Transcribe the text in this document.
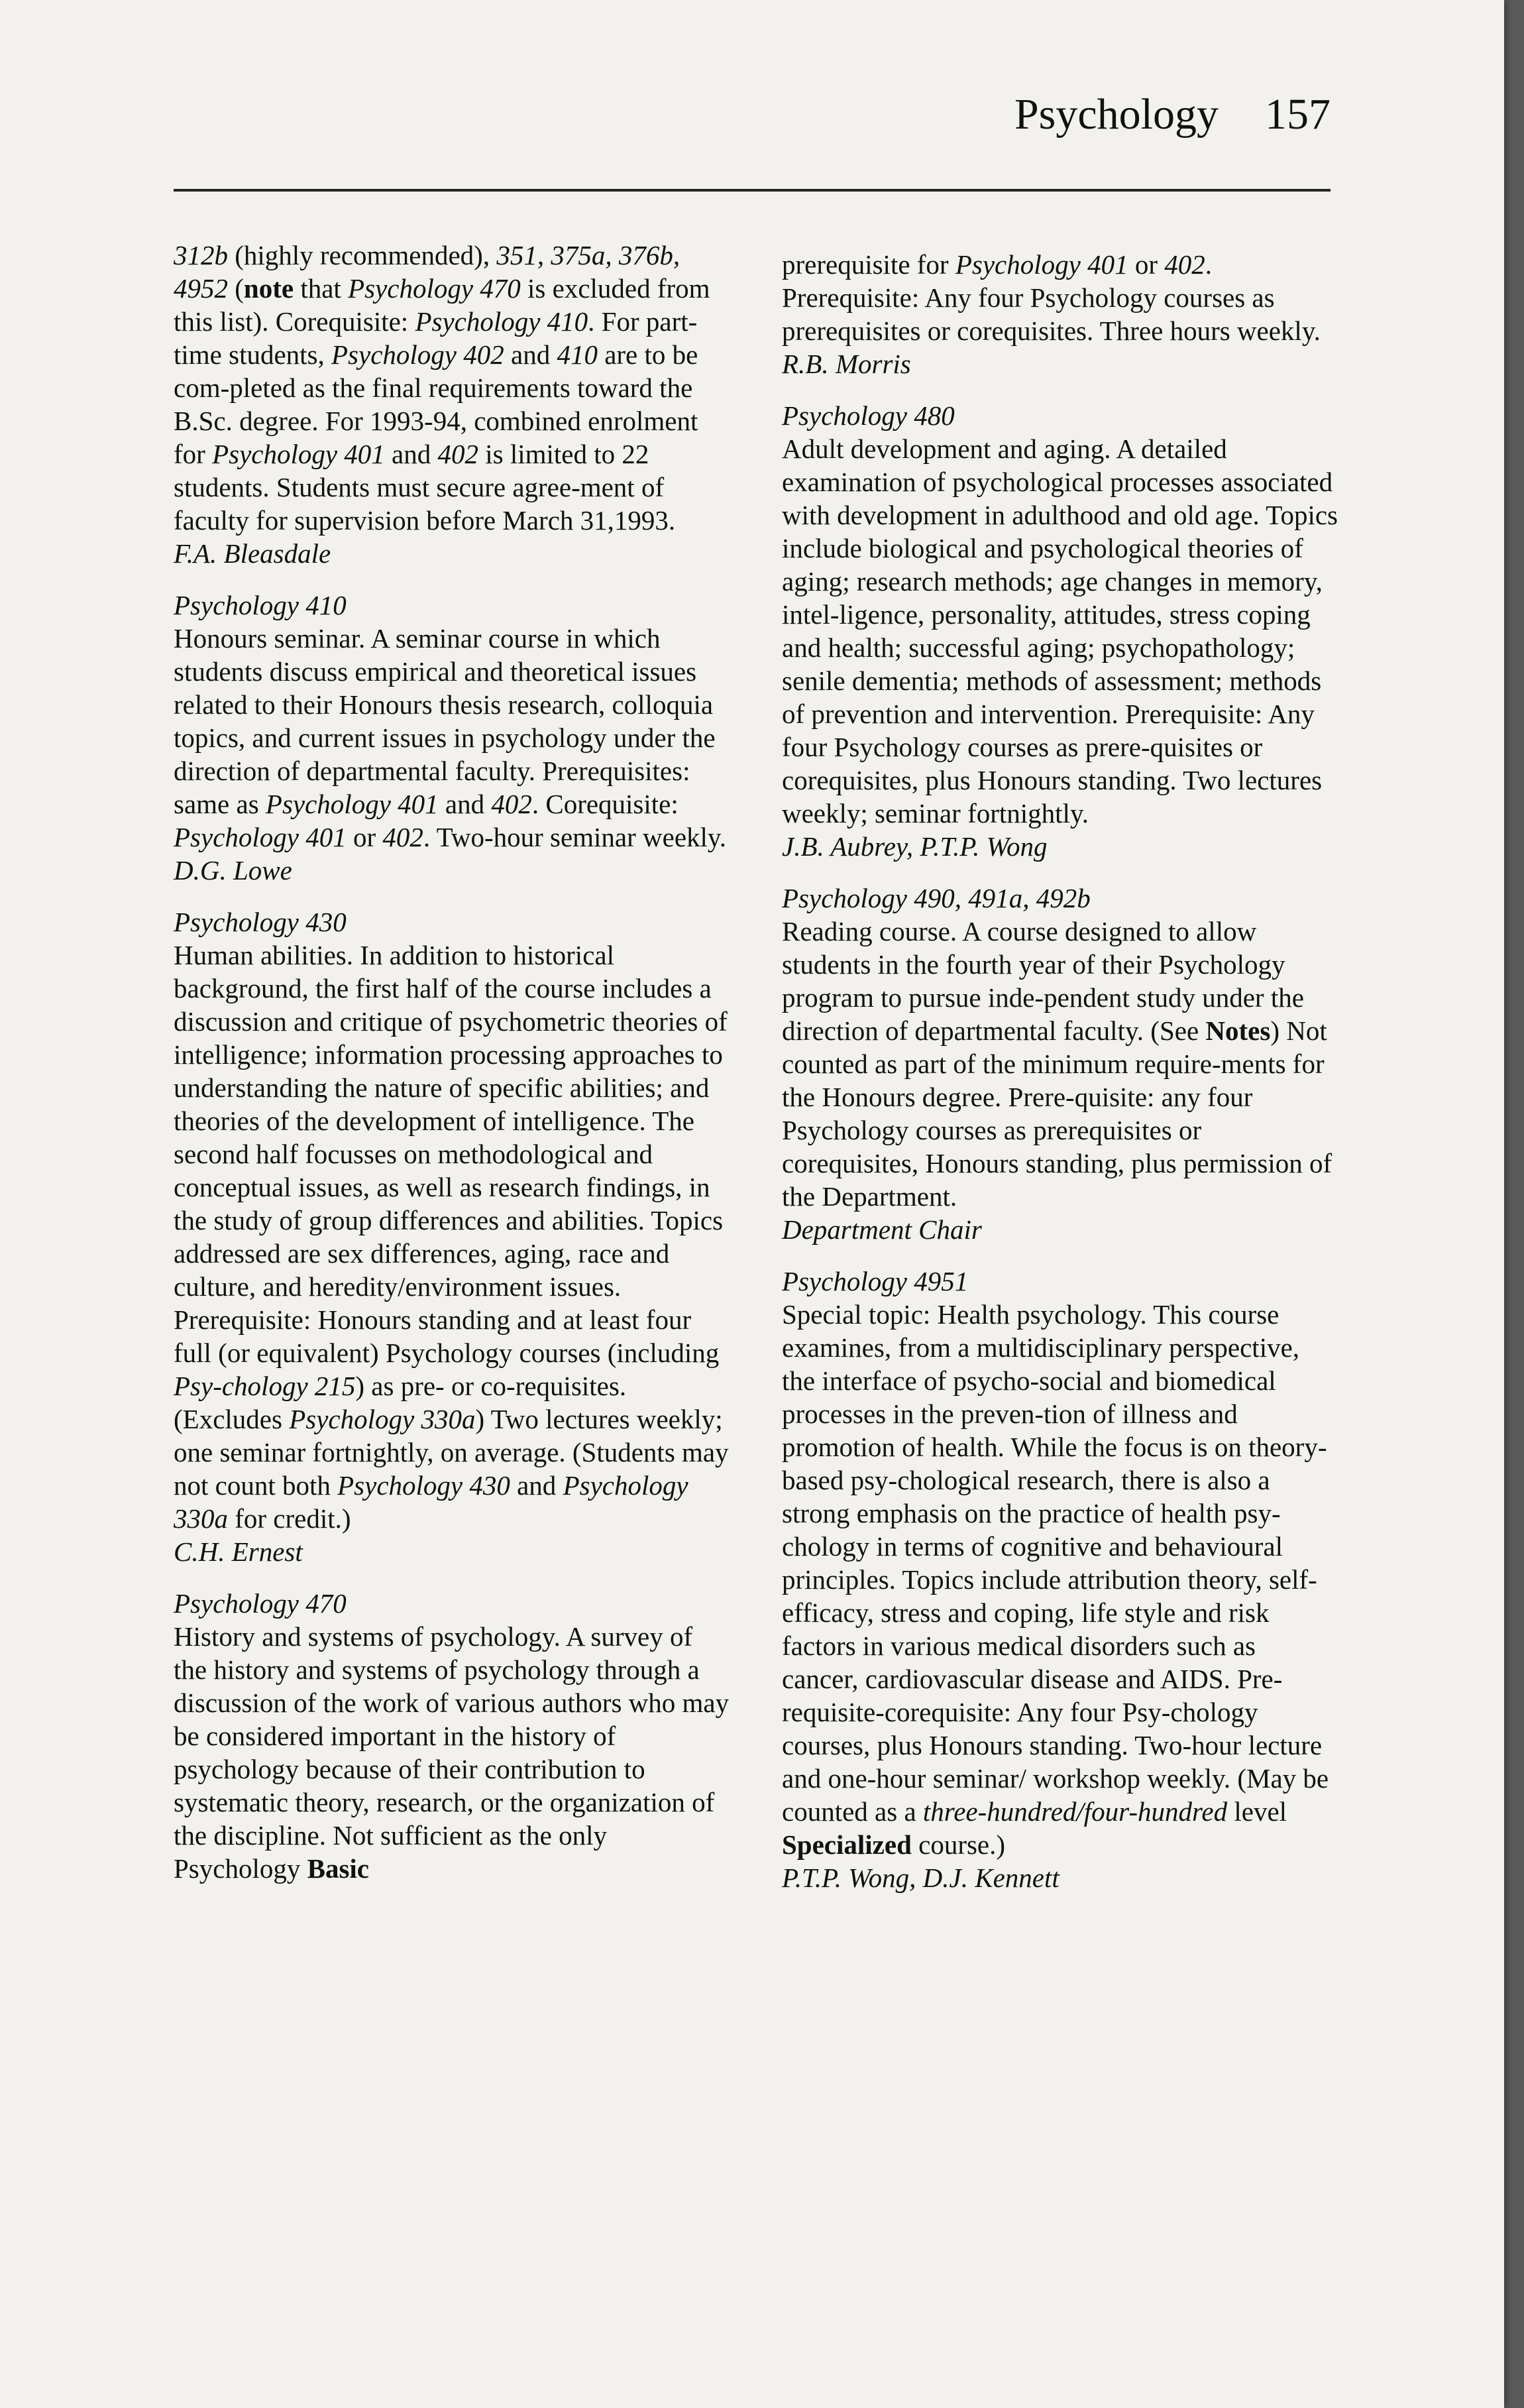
Psychology 157

312b (highly recommended), 351, 375a, 376b, 4952 (note that Psychology 470 is excluded from this list). Corequisite: Psychology 410. For part-time students, Psychology 402 and 410 are to be com-pleted as the final requirements toward the B.Sc. degree. For 1993-94, combined enrolment for Psychology 401 and 402 is limited to 22 students. Students must secure agree-ment of faculty for supervision before March 31,1993.

F.A. Bleasdale

Psychology 410

Honours seminar. A seminar course in which students discuss empirical and theoretical issues related to their Honours thesis research, colloquia topics, and current issues in psychology under the direction of departmental faculty. Prerequisites: same as Psychology 401 and 402. Corequisite: Psychology 401 or 402. Two-hour seminar weekly.

D.G. Lowe

Psychology 430

Human abilities. In addition to historical background, the first half of the course includes a discussion and critique of psychometric theories of intelligence; information processing approaches to understanding the nature of specific abilities; and theories of the development of intelligence. The second half focusses on methodological and conceptual issues, as well as research findings, in the study of group differences and abilities. Topics addressed are sex differences, aging, race and culture, and heredity/environment issues. Prerequisite: Honours standing and at least four full (or equivalent) Psychology courses (including Psy-chology 215) as pre- or co-requisites. (Excludes Psychology 330a) Two lectures weekly; one seminar fortnightly, on average. (Students may not count both Psychology 430 and Psychology 330a for credit.)

C.H. Ernest

Psychology 470

History and systems of psychology. A survey of the history and systems of psychology through a discussion of the work of various authors who may be considered important in the history of psychology because of their contribution to systematic theory, research, or the organization of the discipline. Not sufficient as the only Psychology Basic

prerequisite for Psychology 401 or 402. Prerequisite: Any four Psychology courses as prerequisites or corequisites. Three hours weekly.

R.B. Morris

Psychology 480

Adult development and aging. A detailed examination of psychological processes associated with development in adulthood and old age. Topics include biological and psychological theories of aging; research methods; age changes in memory, intel-ligence, personality, attitudes, stress coping and health; successful aging; psychopathology; senile dementia; methods of assessment; methods of prevention and intervention. Prerequisite: Any four Psychology courses as prere-quisites or corequisites, plus Honours standing. Two lectures weekly; seminar fortnightly.

J.B. Aubrey, P.T.P. Wong

Psychology 490, 491a, 492b

Reading course. A course designed to allow students in the fourth year of their Psychology program to pursue inde-pendent study under the direction of departmental faculty. (See Notes) Not counted as part of the minimum require-ments for the Honours degree. Prere-quisite: any four Psychology courses as prerequisites or corequisites, Honours standing, plus permission of the Department.

Department Chair

Psychology 4951

Special topic: Health psychology. This course examines, from a multidisciplinary perspective, the interface of psycho-social and biomedical processes in the preven-tion of illness and promotion of health. While the focus is on theory-based psy-chological research, there is also a strong emphasis on the practice of health psy-chology in terms of cognitive and behavioural principles. Topics include attribution theory, self-efficacy, stress and coping, life style and risk factors in various medical disorders such as cancer, cardiovascular disease and AIDS. Pre-requisite-corequisite: Any four Psy-chology courses, plus Honours standing. Two-hour lecture and one-hour seminar/ workshop weekly. (May be counted as a three-hundred/four-hundred level Specialized course.)

P.T.P. Wong, D.J. Kennett
